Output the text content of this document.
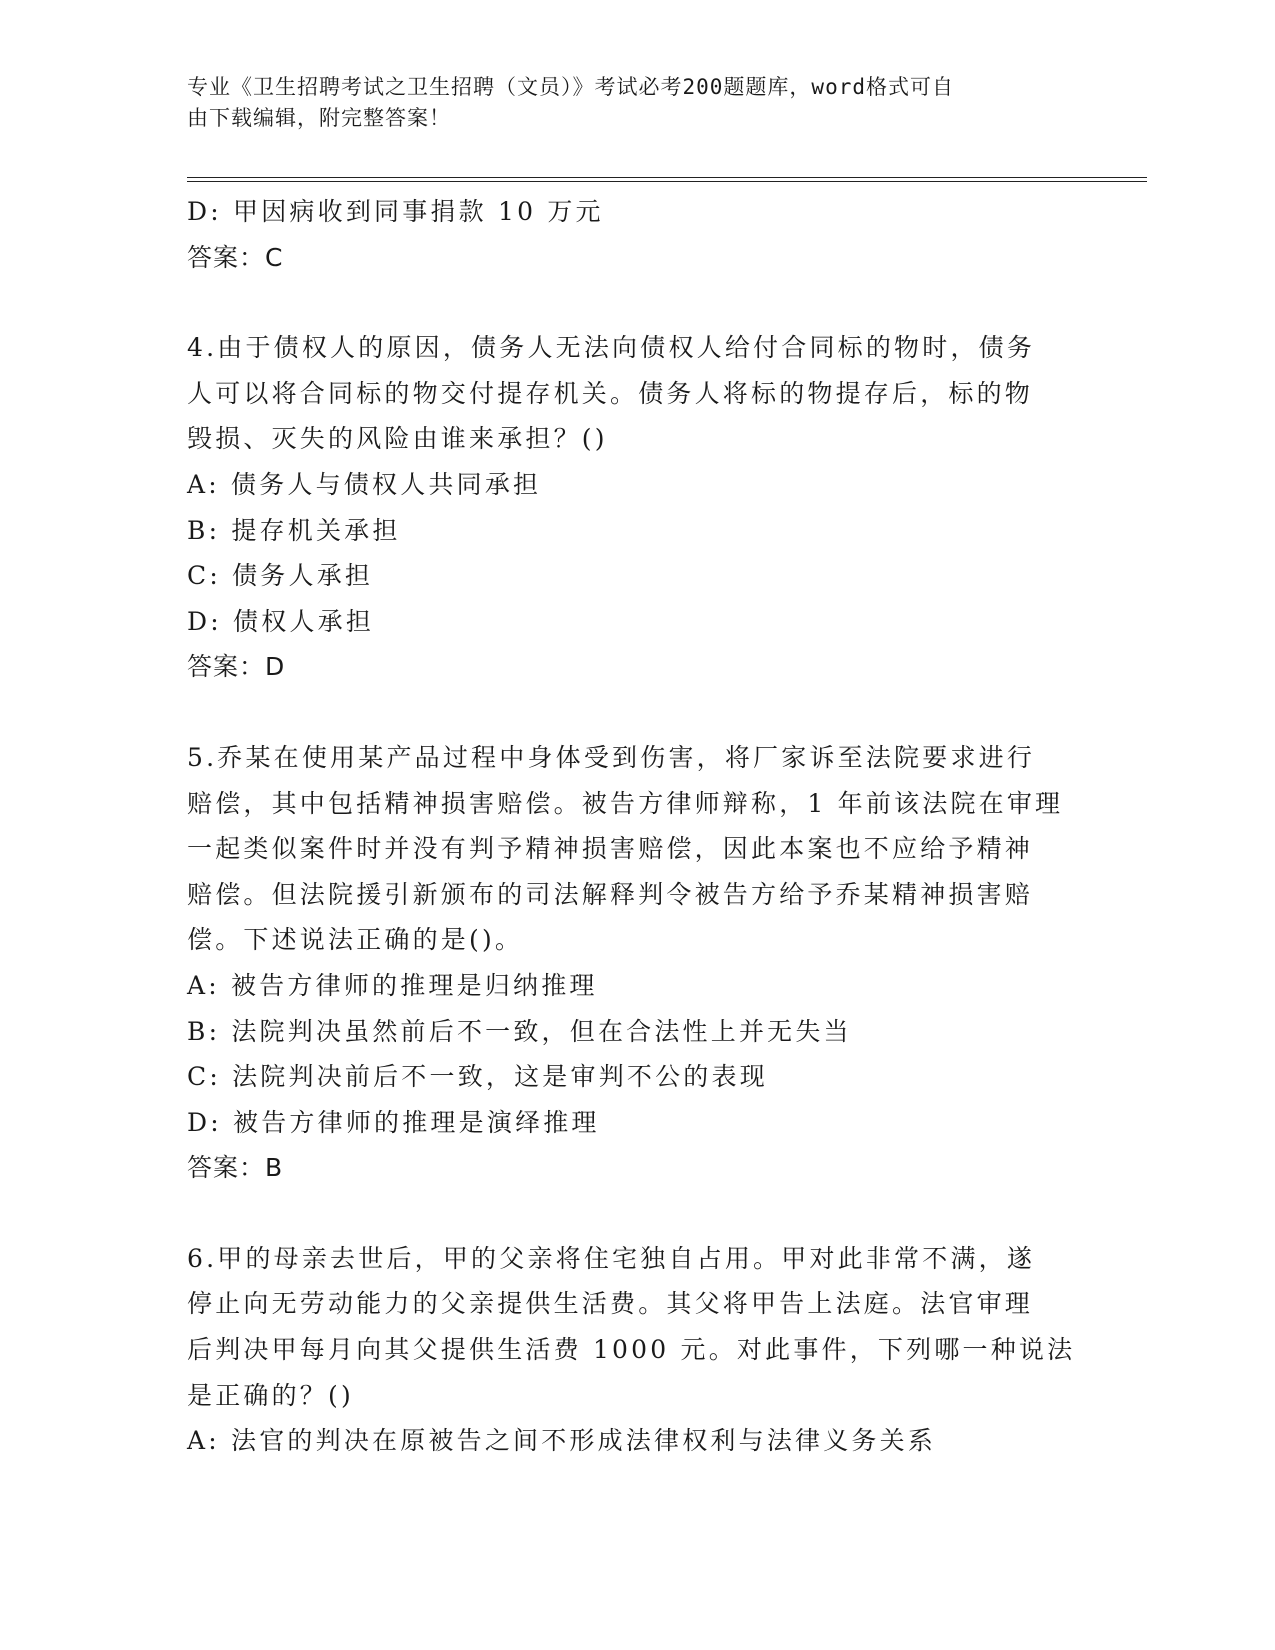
专业《卫生招聘考试之卫生招聘（文员）》考试必考200题题库，word格式可自
由下载编辑，附完整答案！
D: 甲因病收到同事捐款 10 万元
答案：C
4.由于债权人的原因，债务人无法向债权人给付合同标的物时，债务
人可以将合同标的物交付提存机关。债务人将标的物提存后，标的物
毁损、灭失的风险由谁来承担？()
A: 债务人与债权人共同承担
B: 提存机关承担
C: 债务人承担
D: 债权人承担
答案：D
5.乔某在使用某产品过程中身体受到伤害，将厂家诉至法院要求进行
赔偿，其中包括精神损害赔偿。被告方律师辩称，1 年前该法院在审理
一起类似案件时并没有判予精神损害赔偿，因此本案也不应给予精神
赔偿。但法院援引新颁布的司法解释判令被告方给予乔某精神损害赔
偿。下述说法正确的是()。
A: 被告方律师的推理是归纳推理
B: 法院判决虽然前后不一致，但在合法性上并无失当
C: 法院判决前后不一致，这是审判不公的表现
D: 被告方律师的推理是演绎推理
答案：B
6.甲的母亲去世后，甲的父亲将住宅独自占用。甲对此非常不满，遂
停止向无劳动能力的父亲提供生活费。其父将甲告上法庭。法官审理
后判决甲每月向其父提供生活费 1000 元。对此事件，下列哪一种说法
是正确的？()
A: 法官的判决在原被告之间不形成法律权利与法律义务关系
